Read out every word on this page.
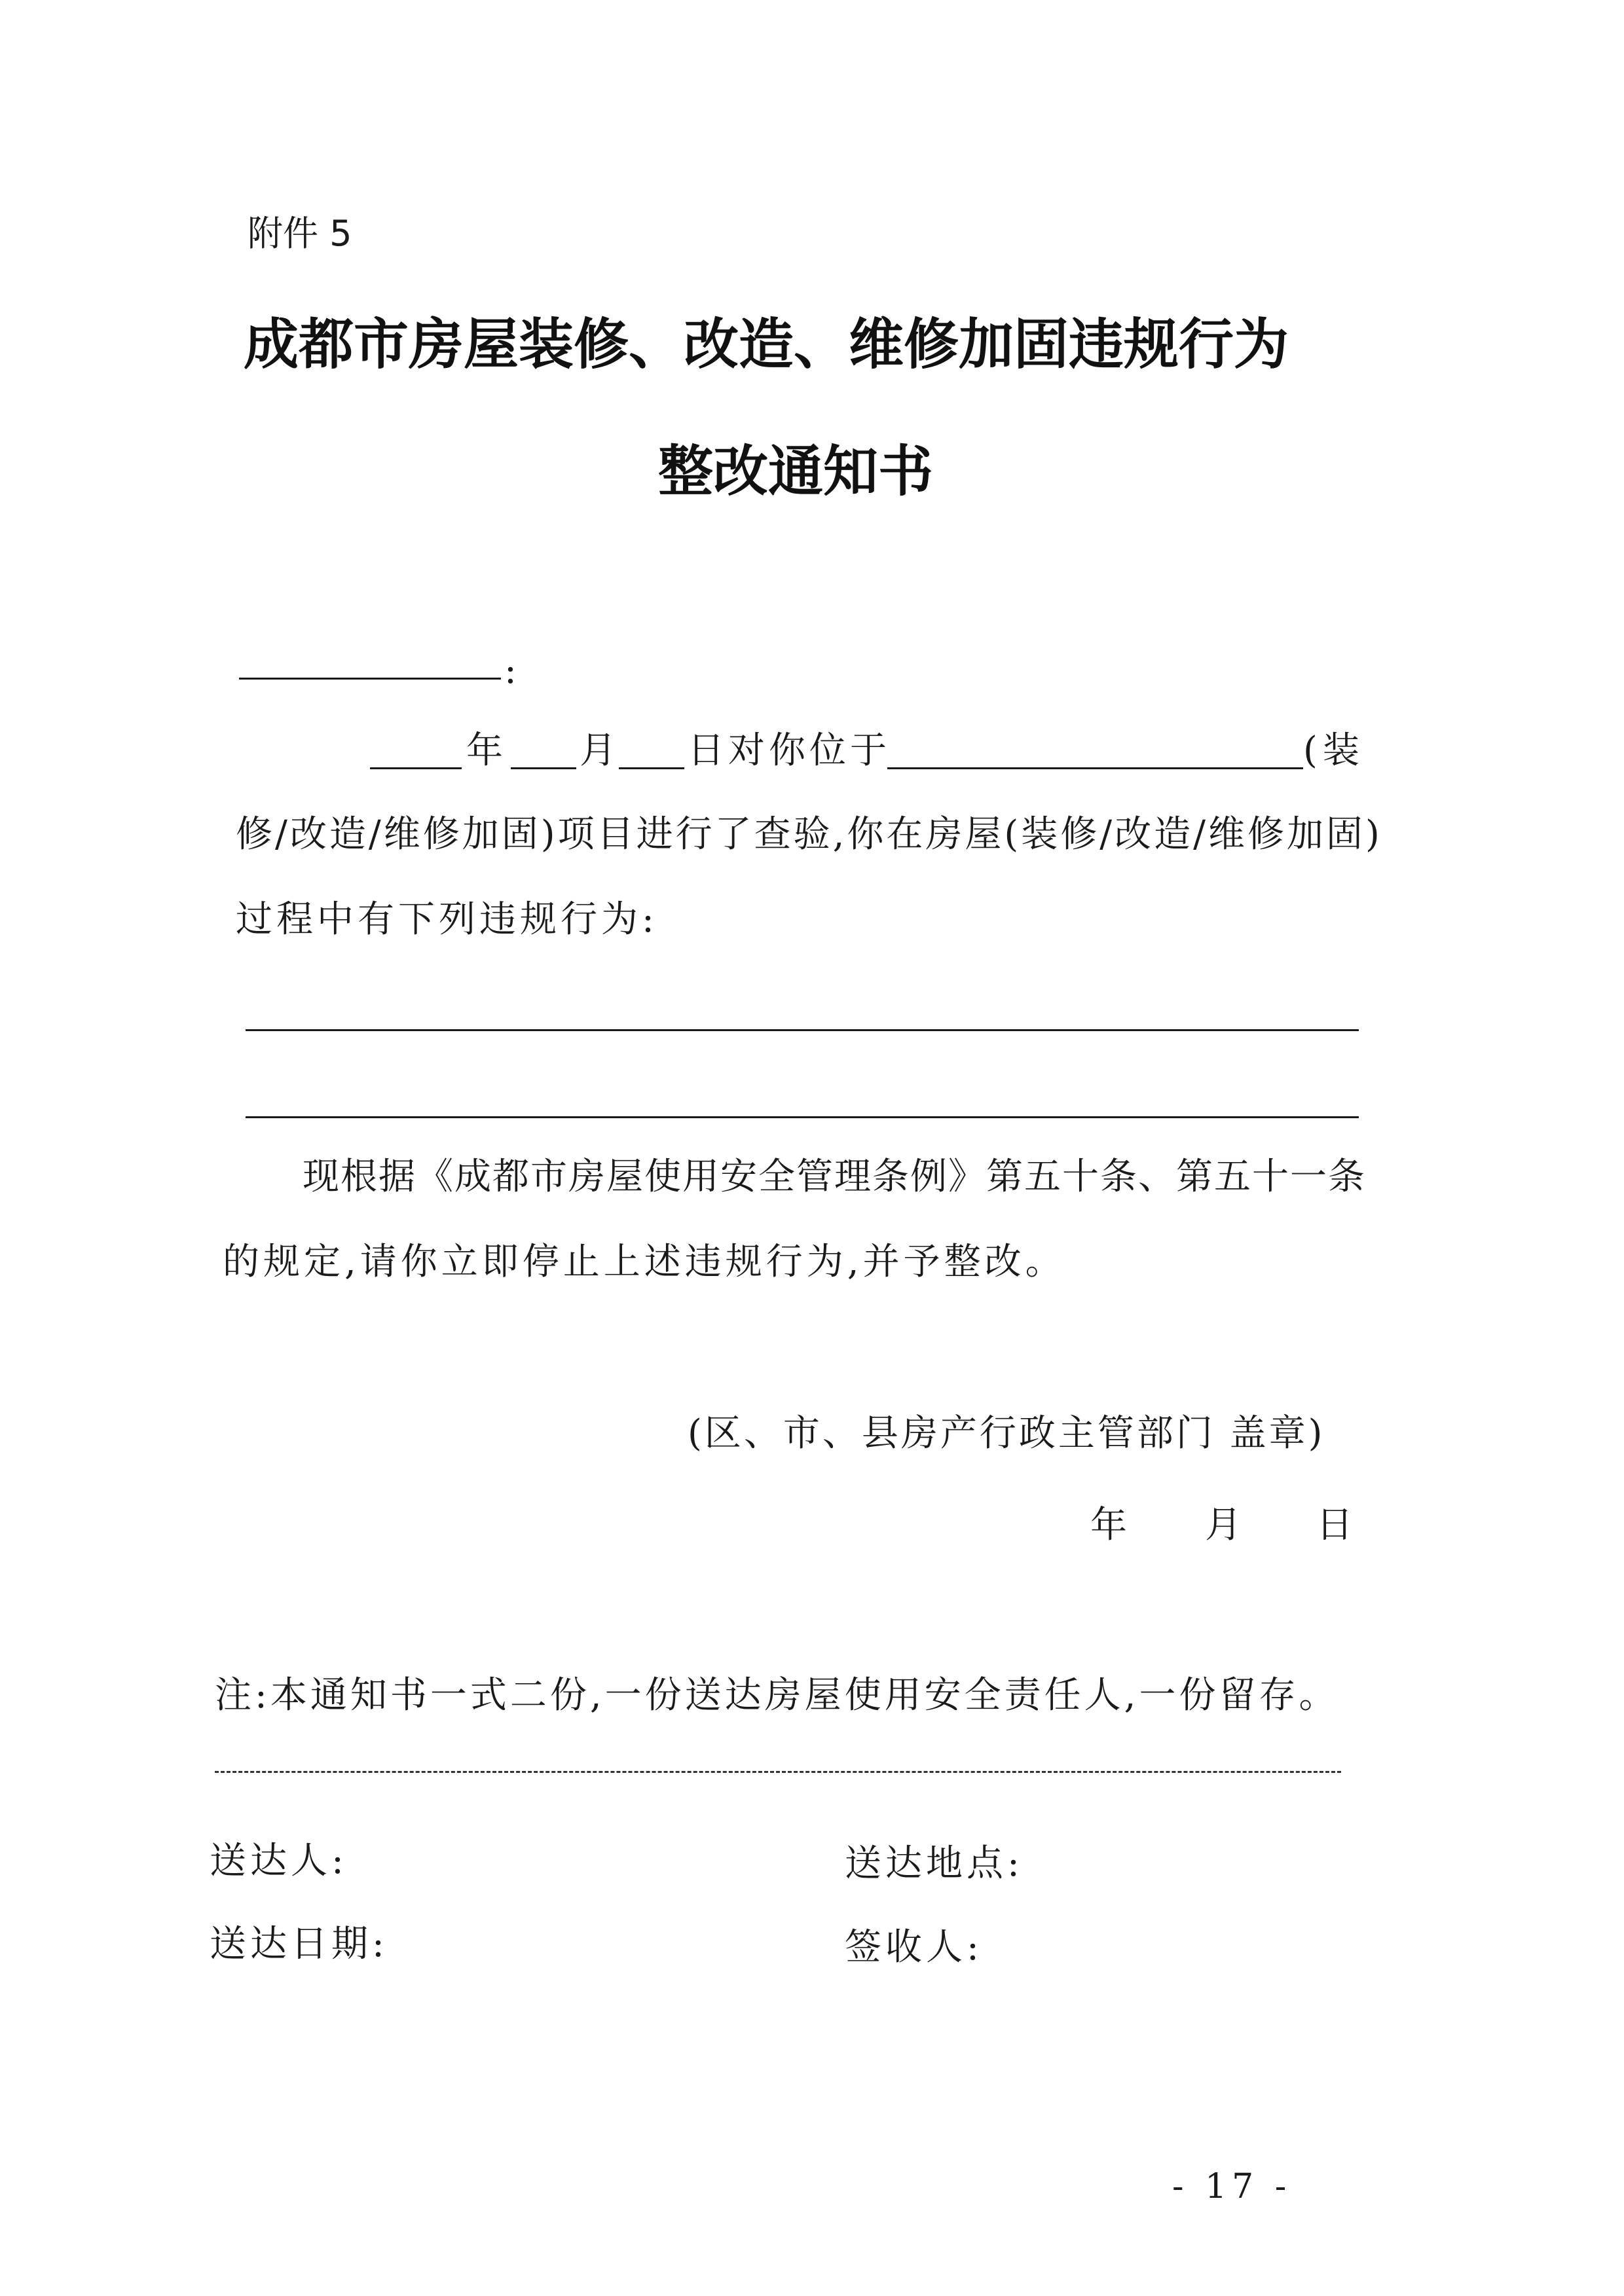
附件 5
成都市房屋装修、改造、维修加固违规行为
整改通知书
:
年 月 日对你位于	(装
修/改造/维修加固)项目进行了查验,你在房屋(装修/改造/维修加固)
过程中有下列违规行为:
现根据《成都市房屋使用安全管理条例》第五十条、第五十一条
的规定,请你立即停止上述违规行为,并予整改。
(区、市、县房产行政主管部门 盖章)
年 月 日
注:本通知书一式二份,一份送达房屋使用安全责任人,一份留存。
送达人:	送达地点:
送达日期:	签收人:
- 17 -
